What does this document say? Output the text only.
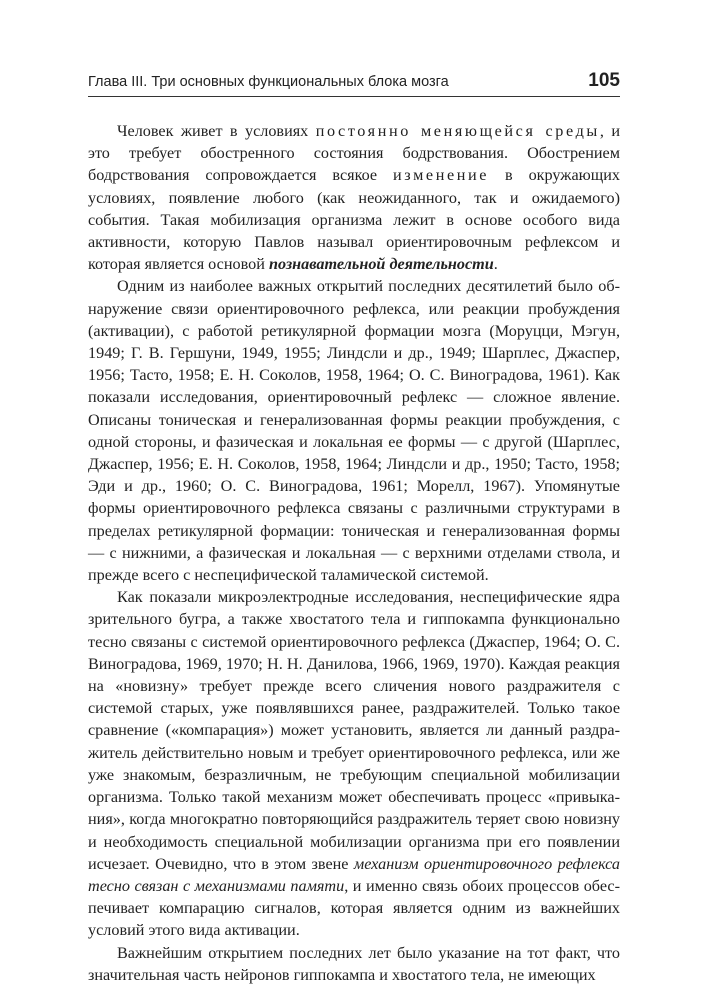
Глава III. Три основных функциональных блока мозга	105

Человек живет в условиях постоянно меняющейся среды, и это требует обостренного состояния бодрствования. Обострением бодрствования сопровождается всякое изменение в окружающих условиях, появление любого (как неожиданного, так и ожидаемого) события. Такая мобилизация организма лежит в основе особого вида активности, которую Павлов называл ориентировочным рефлексом и которая является основой познавательной деятельности.

Одним из наиболее важных открытий последних десятилетий было обнаружение связи ориентировочного рефлекса, или реакции пробуждения (активации), с работой ретикулярной формации мозга (Моруцци, Мэгун, 1949; Г. В. Гершуни, 1949, 1955; Линдсли и др., 1949; Шарплес, Джаспер, 1956; Тасто, 1958; Е. Н. Соколов, 1958, 1964; О. С. Виноградова, 1961). Как показали исследования, ориентировочный рефлекс — сложное явление. Описаны тоническая и генерализованная формы реакции пробуждения, с одной стороны, и фазическая и локальная ее формы — с другой (Шарплес, Джаспер, 1956; Е. Н. Соколов, 1958, 1964; Линдсли и др., 1950; Тасто, 1958; Эди и др., 1960; О. С. Виноградова, 1961; Морелл, 1967). Упомянутые формы ориентировочного рефлекса связаны с различными структурами в пределах ретикулярной формации: тоническая и генерализованная формы — с нижними, а фазическая и локальная — с верхними отделами ствола, и прежде всего с неспецифической таламической системой.

Как показали микроэлектродные исследования, неспецифические ядра зрительного бугра, а также хвостатого тела и гиппокампа функционально тесно связаны с системой ориентировочного рефлекса (Джаспер, 1964; О. С. Виноградова, 1969, 1970; Н. Н. Данилова, 1966, 1969, 1970). Каждая реакция на «новизну» требует прежде всего сличения нового раздражителя с системой старых, уже появлявшихся ранее, раздражителей. Только такое сравнение («компарация») может установить, является ли данный раздражитель действительно новым и требует ориентировочного рефлекса, или же уже знакомым, безразличным, не требующим специальной мобилизации организма. Только такой механизм может обеспечивать процесс «привыкания», когда многократно повторяющийся раздражитель теряет свою новизну и необходимость специальной мобилизации организма при его появлении исчезает. Очевидно, что в этом звене механизм ориентировочного рефлекса тесно связан с механизмами памяти, и именно связь обоих процессов обеспечивает компарацию сигналов, которая является одним из важнейших условий этого вида активации.

Важнейшим открытием последних лет было указание на тот факт, что значительная часть нейронов гиппокампа и хвостатого тела, не имеющих
